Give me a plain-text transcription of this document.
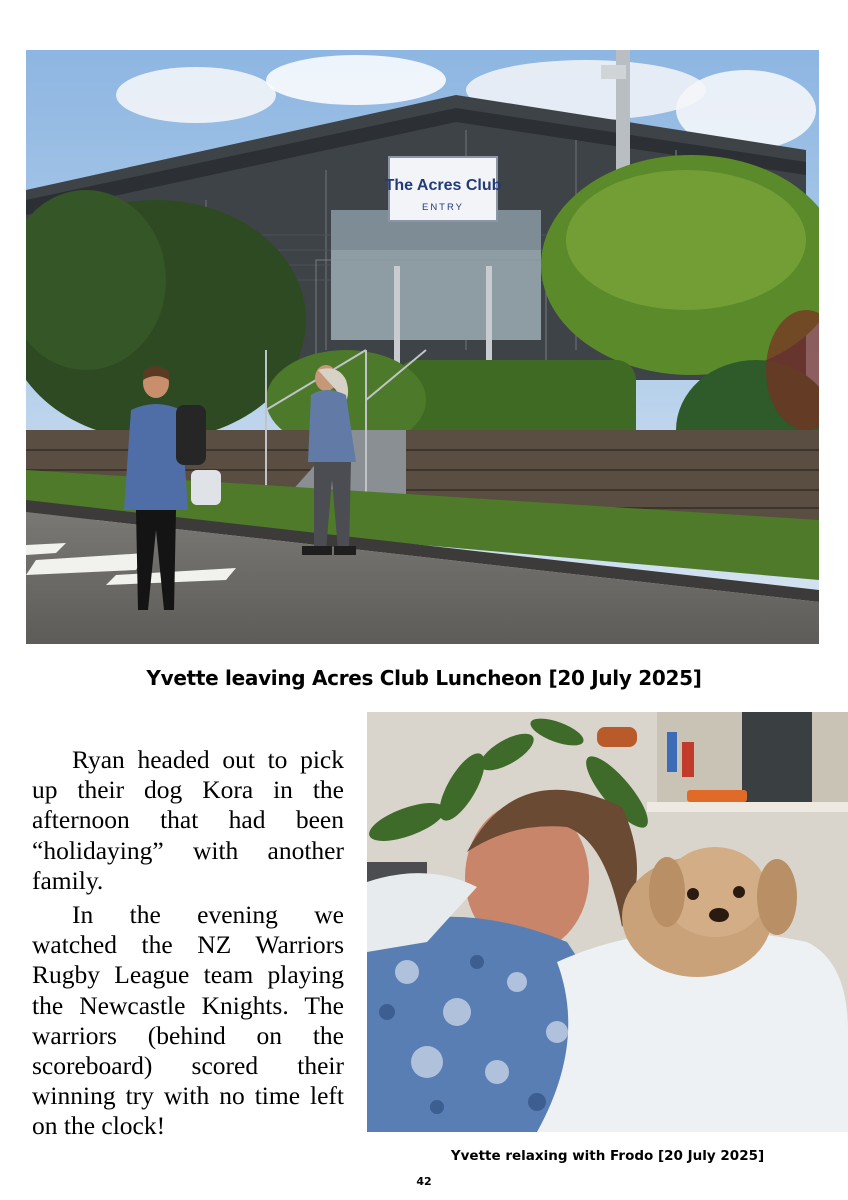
The Acres Club
ENTRY
Yvette leaving Acres Club Luncheon [20 July 2025]

Ryan headed out to pick up their dog Kora in the afternoon that had been “holidaying” with another family.

In the evening we watched the NZ Warriors Rugby League team playing the Newcastle Knights. The warriors (behind on the scoreboard) scored their winning try with no time left on the clock!

Yvette relaxing with Frodo [20 July 2025]
42
